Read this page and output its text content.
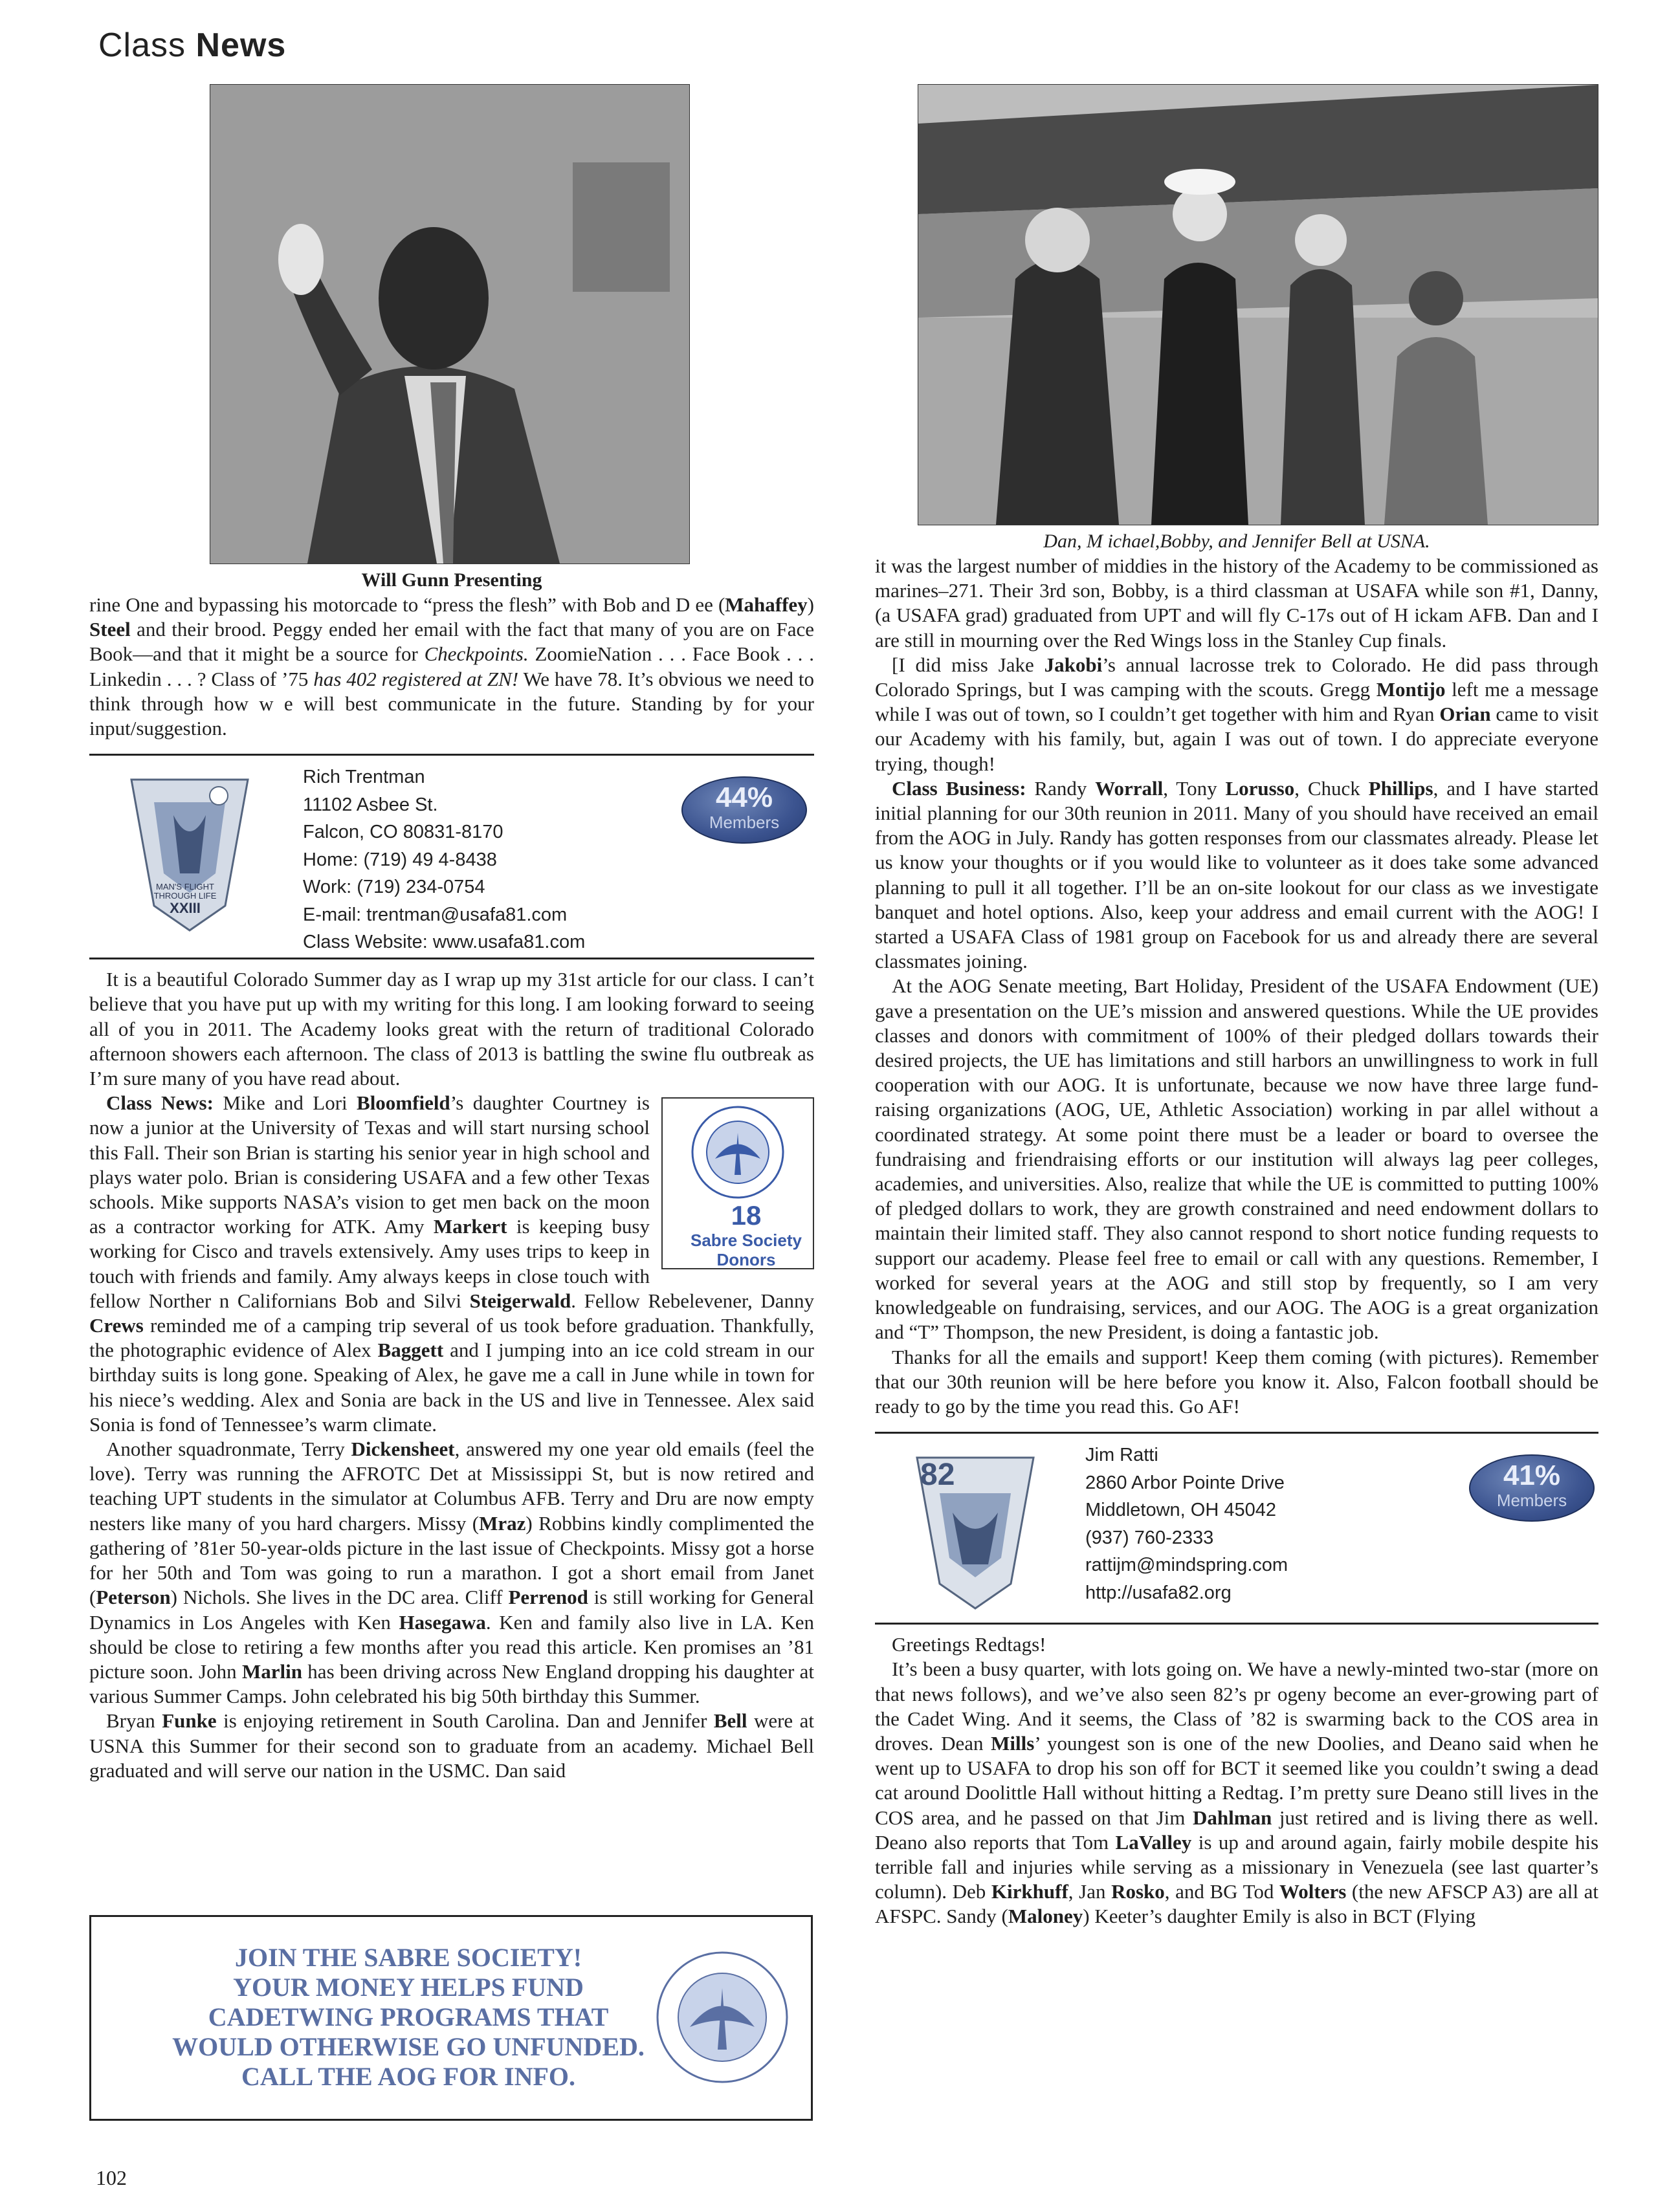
Class News
Will Gunn Presenting

rine One and bypassing his motorcade to “press the flesh” with Bob and D ee (Mahaffey) Steel and their brood. Peggy ended her email with the fact that many of you are on Face Book—and that it might be a source for Checkpoints. ZoomieNation . . . Face Book . . . Linkedin . . . ? Class of ’75 has 402 registered at ZN! We have 78. It’s obvious we need to think through how w e will best communicate in the future. Standing by for your input/suggestion.

MAN'S FLIGHT THROUGH LIFE
XXIII
Rich Trentman
11102 Asbee St.
Falcon, CO 80831-8170
Home: (719) 49 4-8438
Work: (719) 234-0754
E-mail: trentman@usafa81.com
Class Website: www.usafa81.com
44%
Members

It is a beautiful Colorado Summer day as I wrap up my 31st article for our class. I can’t believe that you have put up with my writing for this long. I am looking forward to seeing all of you in 2011. The Academy looks great with the return of traditional Colorado afternoon showers each afternoon. The class of 2013 is battling the swine flu outbreak as I’m sure many of you have read about.

18
Sabre Society
Donors
Class News: Mike and Lori Bloomfield’s daughter Courtney is now a junior at the University of Texas and will start nursing school this Fall. Their son Brian is starting his senior year in high school and plays water polo. Brian is considering USAFA and a few other Texas schools. Mike supports NASA’s vision to get men back on the moon as a contractor working for ATK. Amy Markert is keeping busy working for Cisco and travels extensively. Amy uses trips to keep in touch with friends and family. Amy always keeps in close touch with fellow Norther n Californians Bob and Silvi Steigerwald. Fellow Rebelevener, Danny Crews reminded me of a camping trip several of us took before graduation. Thankfully, the photographic evidence of Alex Baggett and I jumping into an ice cold stream in our birthday suits is long gone. Speaking of Alex, he gave me a call in June while in town for his niece’s wedding. Alex and Sonia are back in the US and live in Tennessee. Alex said Sonia is fond of Tennessee’s warm climate.

Another squadronmate, Terry Dickensheet, answered my one year old emails (feel the love). Terry was running the AFROTC Det at Mississippi St, but is now retired and teaching UPT students in the simulator at Columbus AFB. Terry and Dru are now empty nesters like many of you hard chargers. Missy (Mraz) Robbins kindly complimented the gathering of ’81er 50-year-olds picture in the last issue of Checkpoints. Missy got a horse for her 50th and Tom was going to run a marathon. I got a short email from Janet (Peterson) Nichols. She lives in the DC area. Cliff Perrenod is still working for General Dynamics in Los Angeles with Ken Hasegawa. Ken and family also live in LA. Ken should be close to retiring a few months after you read this article. Ken promises an ’81 picture soon. John Marlin has been driving across New England dropping his daughter at various Summer Camps. John celebrated his big 50th birthday this Summer.

Bryan Funke is enjoying retirement in South Carolina. Dan and Jennifer Bell were at USNA this Summer for their second son to graduate from an academy. Michael Bell graduated and will serve our nation in the USMC. Dan said

JOIN THE SABRE SOCIETY!
YOUR MONEY HELPS FUND
CADETWING PROGRAMS THAT
WOULD OTHERWISE GO UNFUNDED.
CALL THE AOG FOR INFO.
Dan, M ichael,Bobby, and Jennifer Bell at USNA.

it was the largest number of middies in the history of the Academy to be commissioned as marines–271. Their 3rd son, Bobby, is a third classman at USAFA while son #1, Danny, (a USAFA grad) graduated from UPT and will fly C-17s out of H ickam AFB. Dan and I are still in mourning over the Red Wings loss in the Stanley Cup finals.

[I did miss Jake Jakobi’s annual lacrosse trek to Colorado. He did pass through Colorado Springs, but I was camping with the scouts. Gregg Montijo left me a message while I was out of town, so I couldn’t get together with him and Ryan Orian came to visit our Academy with his family, but, again I was out of town. I do appreciate everyone trying, though!

Class Business: Randy Worrall, Tony Lorusso, Chuck Phillips, and I have started initial planning for our 30th reunion in 2011. Many of you should have received an email from the AOG in July. Randy has gotten responses from our classmates already. Please let us know your thoughts or if you would like to volunteer as it does take some advanced planning to pull it all together. I’ll be an on-site lookout for our class as we investigate banquet and hotel options. Also, keep your address and email current with the AOG! I started a USAFA Class of 1981 group on Facebook for us and already there are several classmates joining.

At the AOG Senate meeting, Bart Holiday, President of the USAFA Endowment (UE) gave a presentation on the UE’s mission and answered questions. While the UE provides classes and donors with commitment of 100% of their pledged dollars towards their desired projects, the UE has limitations and still harbors an unwillingness to work in full cooperation with our AOG. It is unfortunate, because we now have three large fund-raising organizations (AOG, UE, Athletic Association) working in par allel without a coordinated strategy. At some point there must be a leader or board to oversee the fundraising and friendraising efforts or our institution will always lag peer colleges, academies, and universities. Also, realize that while the UE is committed to putting 100% of pledged dollars to work, they are growth constrained and need endowment dollars to maintain their limited staff. They also cannot respond to short notice funding requests to support our academy. Please feel free to email or call with any questions. Remember, I worked for several years at the AOG and still stop by frequently, so I am very knowledgeable on fundraising, services, and our AOG. The AOG is a great organization and “T” Thompson, the new President, is doing a fantastic job.

Thanks for all the emails and support! Keep them coming (with pictures). Remember that our 30th reunion will be here before you know it. Also, Falcon football should be ready to go by the time you read this. Go AF!

82
Jim Ratti
2860 Arbor Pointe Drive
Middletown, OH 45042
(937) 760-2333
rattijm@mindspring.com
http://usafa82.org
41%
Members

Greetings Redtags!

It’s been a busy quarter, with lots going on. We have a newly-minted two-star (more on that news follows), and we’ve also seen 82’s pr ogeny become an ever-growing part of the Cadet Wing. And it seems, the Class of ’82 is swarming back to the COS area in droves. Dean Mills’ youngest son is one of the new Doolies, and Deano said when he went up to USAFA to drop his son off for BCT it seemed like you couldn’t swing a dead cat around Doolittle Hall without hitting a Redtag. I’m pretty sure Deano still lives in the COS area, and he passed on that Jim Dahlman just retired and is living there as well. Deano also reports that Tom LaValley is up and around again, fairly mobile despite his terrible fall and injuries while serving as a missionary in Venezuela (see last quarter’s column). Deb Kirkhuff, Jan Rosko, and BG Tod Wolters (the new AFSCP A3) are all at AFSPC. Sandy (Maloney) Keeter’s daughter Emily is also in BCT (Flying

102
